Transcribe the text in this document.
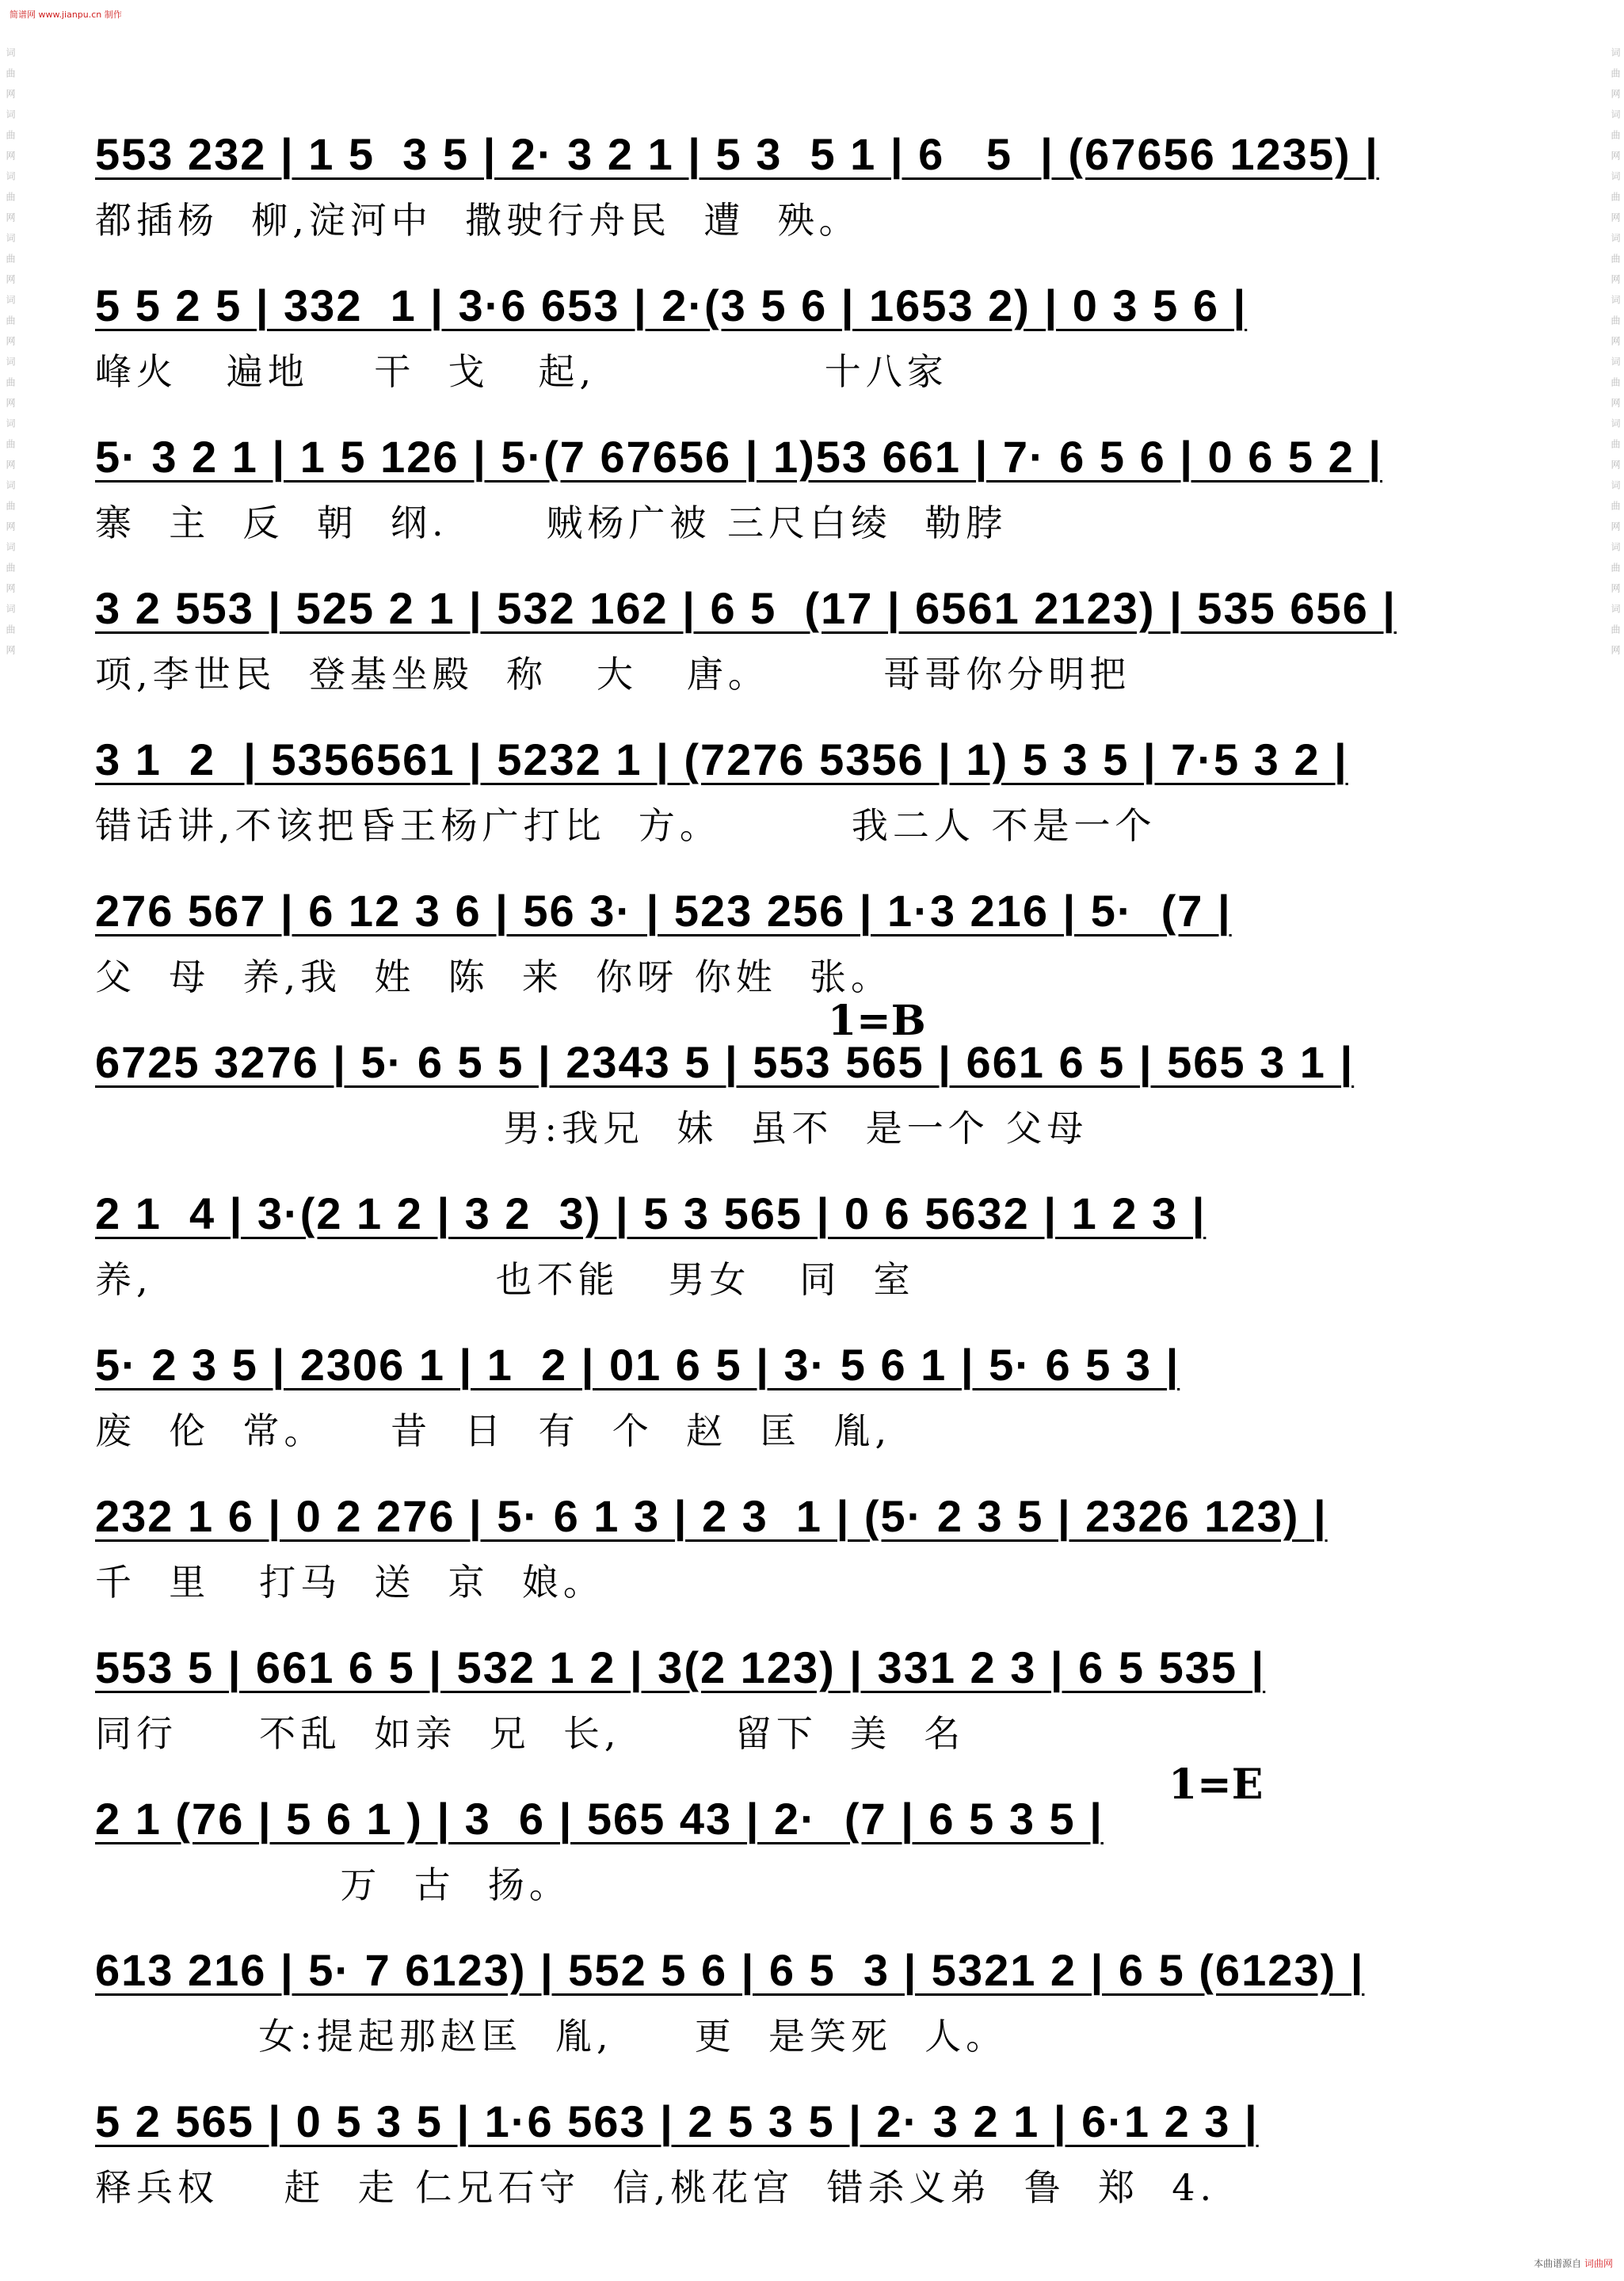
简谱网 www.jianpu.cn 制作
词曲网词曲网词曲网词曲网词曲网词曲网词曲网词曲网词曲网词曲网	词曲网词曲网词曲网词曲网词曲网词曲网词曲网词曲网词曲网词曲网
553 232 | 1 5  3 5 | 2· 3 2 1 | 5 3  5 1 | 6   5  | (67656 1235) |
都插杨  柳,淀河中  撒驶行舟民  遭  殃。
5 5 2 5 | 332  1 | 3·6 653 | 2·(3 5 6 | 1653 2) | 0 3 5 6 |
峰火   遍地    干  戈   起,              十八家
5· 3 2 1 | 1 5 126 | 5·(7 67656 | 1)53 661 | 7· 6 5 6 | 0 6 5 2 |
寨  主  反  朝  纲.      贼杨广被 三尺白绫  勒脖
3 2 553 | 525 2 1 | 532 162 | 6 5  (17 | 6561 2123) | 535 656 |
项,李世民  登基坐殿  称   大   唐。       哥哥你分明把
3 1  2  | 5356561 | 5232 1 | (7276 5356 | 1) 5 3 5 | 7·5 3 2 |
错话讲,不该把昏王杨广打比  方。        我二人 不是一个
276 567 | 6 12 3 6 | 56 3· | 523 256 | 1·3 216 | 5·  (7 |
父  母  养,我  姓  陈  来  你呀 你姓  张。
6725 3276 | 5· 6 5 5 | 2343 5 | 553 565 | 661 6 5 | 565 3 1 |
男:我兄  妹  虽不  是一个 父母
2 1  4 | 3·(2 1 2 | 3 2  3) | 5 3 565 | 0 6 5632 | 1 2 3 |
养,                     也不能   男女   同  室
5· 2 3 5 | 2306 1 | 1  2 | 01 6 5 | 3· 5 6 1 | 5· 6 5 3 |
废  伦  常。    昔  日  有  个  赵  匡  胤,
232 1 6 | 0 2 276 | 5· 6 1 3 | 2 3  1 | (5· 2 3 5 | 2326 123) |
千  里   打马  送  京  娘。
553 5 | 661 6 5 | 532 1 2 | 3(2 123) | 331 2 3 | 6 5 535 |
同行     不乱  如亲  兄  长,       留下  美  名
2 1 (76 | 5 6 1 ) | 3  6 | 565 43 | 2·  (7 | 6 5 3 5 |
万  古  扬。
613 216 | 5· 7 6123) | 552 5 6 | 6 5  3 | 5321 2 | 6 5 (6123) |
女:提起那赵匡  胤,     更  是笑死  人。
5 2 565 | 0 5 3 5 | 1·6 563 | 2 5 3 5 | 2· 3 2 1 | 6·1 2 3 |
释兵权    赶  走 仁兄石守  信,桃花宫  错杀义弟  鲁  郑  4.
1=B
1=E
本曲谱源自 词曲网
